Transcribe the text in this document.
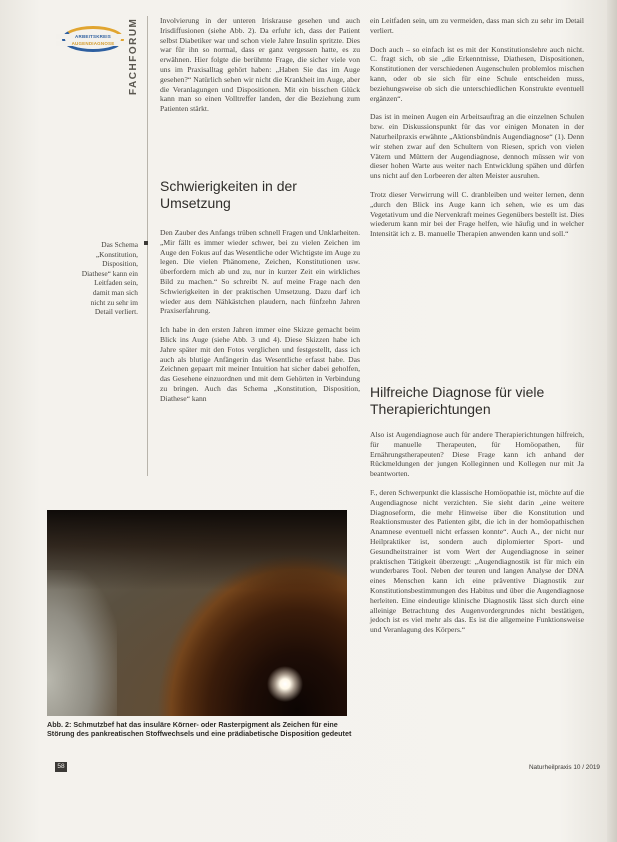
ARBEITSKREIS
AUGENDIAGNOSE	FACHFORUM	Involvierung in der unteren Iriskrause gesehen und auch Irisdiffusionen (siehe Abb. 2). Da erfuhr ich, dass der Patient selbst Diabetiker war und schon viele Jahre Insulin spritzte. Dies war für ihn so normal, dass er ganz vergessen hatte, es zu erwähnen. Hier folgte die berühmte Frage, die sicher viele von uns im Praxisalltag gehört haben: „Haben Sie das im Auge gesehen?“ Natürlich sehen wir nicht die Krankheit im Auge, aber die Veranlagungen und Dispositionen. Mit ein bisschen Glück kann man so einen Volltreffer landen, der die Beziehung zum Patienten stärkt.

Schwierigkeiten in der Umsetzung
Das Schema „Konstitution, Disposition, Diathese“ kann ein Leitfaden sein, damit man sich nicht zu sehr im Detail verliert.

Den Zauber des Anfangs trüben schnell Fragen und Unklarheiten. „Mir fällt es immer wieder schwer, bei zu vielen Zeichen im Auge den Fokus auf das Wesentliche oder Wichtigste im Auge zu legen. Die vielen Phänomene, Zeichen, Konstitutionen usw. überfordern mich ab und zu, nur in kurzer Zeit ein wirkliches Bild zu machen.“ So schreibt N. auf meine Frage nach den Schwierigkeiten in der praktischen Umsetzung. Dazu darf ich wieder aus dem Nähkästchen plaudern, nach fünfzehn Jahren Praxiserfahrung.

Ich habe in den ersten Jahren immer eine Skizze gemacht beim Blick ins Auge (siehe Abb. 3 und 4). Diese Skizzen habe ich Jahre später mit den Fotos verglichen und festgestellt, dass ich auch als blutige Anfängerin das Wesentliche erfasst habe. Das Zeichnen gepaart mit meiner Intuition hat sicher dabei geholfen, das Gesehene einzuordnen und mit dem Gehörten in Verbindung zu bringen. Auch das Schema „Konstitution, Disposition, Diathese“ kann

ein Leitfaden sein, um zu vermeiden, dass man sich zu sehr im Detail verliert.

Doch auch – so einfach ist es mit der Konstitutionslehre auch nicht. C. fragt sich, ob sie „die Erkenntnisse, Diathesen, Dispositionen, Konstitutionen der verschiedenen Augenschulen problemlos mischen kann, oder ob sie sich für eine Schule entscheiden muss, beziehungsweise ob sich die unterschiedlichen Konstrukte eventuell ergänzen“.

Das ist in meinen Augen ein Arbeitsauftrag an die einzelnen Schulen bzw. ein Diskussionspunkt für das vor einigen Monaten in der Naturheilpraxis erwähnte „Aktionsbündnis Augendiagnose“ (1). Denn wir stehen zwar auf den Schultern von Riesen, sprich von vielen Vätern und Müttern der Augendiagnose, dennoch müssen wir von dieser hohen Warte aus weiter nach Entwicklung spähen und dürfen uns nicht auf den Lorbeeren der alten Meister ausruhen.

Trotz dieser Verwirrung will C. dranbleiben und weiter lernen, denn „durch den Blick ins Auge kann ich sehen, wie es um das Vegetativum und die Nervenkraft meines Gegenübers bestellt ist. Dies wiederum kann mir bei der Frage helfen, wie häufig und in welcher Intensität ich z. B. manuelle Therapien anwenden kann und soll.“

Hilfreiche Diagnose für viele Therapierichtungen

Also ist Augendiagnose auch für andere Therapierichtungen hilfreich, für manuelle Therapeuten, für Homöopathen, für Ernährungstherapeuten? Diese Frage kann ich anhand der Rückmeldungen der jungen Kolleginnen und Kollegen nur mit Ja beantworten.

F., deren Schwerpunkt die klassische Homöopathie ist, möchte auf die Augendiagnose nicht verzichten. Sie sieht darin „eine weitere Diagnoseform, die mehr Hinweise über die Konstitution und Reaktionsmuster des Patienten gibt, die ich in der homöopathischen Anamnese eventuell nicht erfassen konnte“. Auch A., der nicht nur Heilpraktiker ist, sondern auch diplomierter Sport- und Gesundheitstrainer ist vom Wert der Augendiagnose in seiner praktischen Tätigkeit überzeugt: „Augendiagnostik ist für mich ein wunderbares Tool. Neben der teuren und langen Analyse der DNA eines Menschen kann ich eine präventive Diagnostik zur Konstitutionsbestimmungen des Habitus und über die Augendiagnose herleiten. Eine eindeutige klinische Diagnostik lässt sich durch eine alleinige Betrachtung des Augenvordergrundes nicht bestätigen, jedoch ist es viel mehr als das. Es ist die allgemeine Funktionsweise und Veranlagung des Körpers.“

Abb. 2: Schmutzbef hat das insuläre Körner- oder Rasterpigment als Zeichen für eine Störung des pankreatischen Stoffwechsels und eine prädiabetische Disposition gedeutet
58	Naturheilpraxis 10 / 2019
